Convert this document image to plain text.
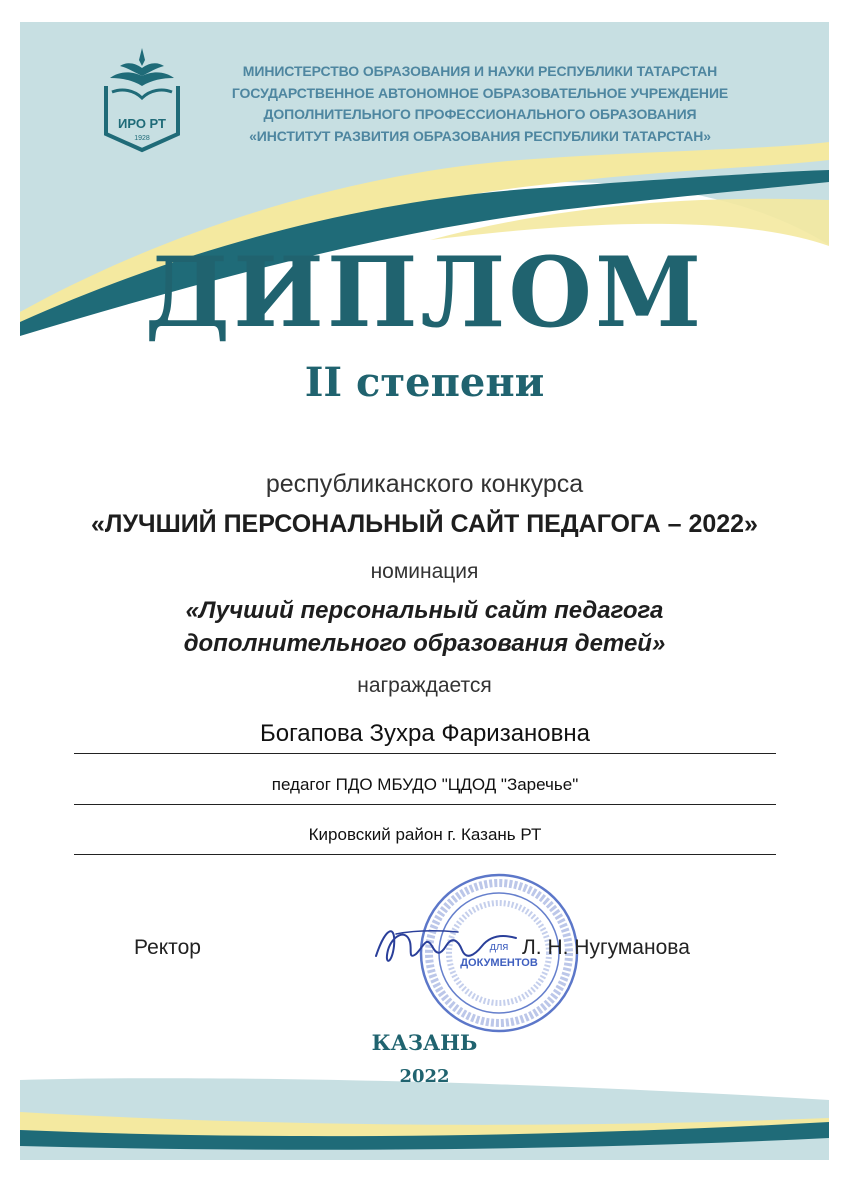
ИРО РТ
1928
МИНИСТЕРСТВО ОБРАЗОВАНИЯ И НАУКИ РЕСПУБЛИКИ ТАТАРСТАН
ГОСУДАРСТВЕННОЕ АВТОНОМНОЕ ОБРАЗОВАТЕЛЬНОЕ УЧРЕЖДЕНИЕ
ДОПОЛНИТЕЛЬНОГО ПРОФЕССИОНАЛЬНОГО ОБРАЗОВАНИЯ
«ИНСТИТУТ РАЗВИТИЯ ОБРАЗОВАНИЯ РЕСПУБЛИКИ ТАТАРСТАН»
ДИПЛОМ
II степени
республиканского конкурса
«ЛУЧШИЙ ПЕРСОНАЛЬНЫЙ САЙТ ПЕДАГОГА – 2022»
номинация
«Лучший персональный сайт педагога
дополнительного образования детей»
награждается
Богапова Зухра Фаризановна
педагог ПДО МБУДО "ЦДОД "Заречье"
Кировский район г. Казань РТ
Ректор	для
ДОКУМЕНТОВ
Л. Н. Нугуманова
КАЗАНЬ
2022
